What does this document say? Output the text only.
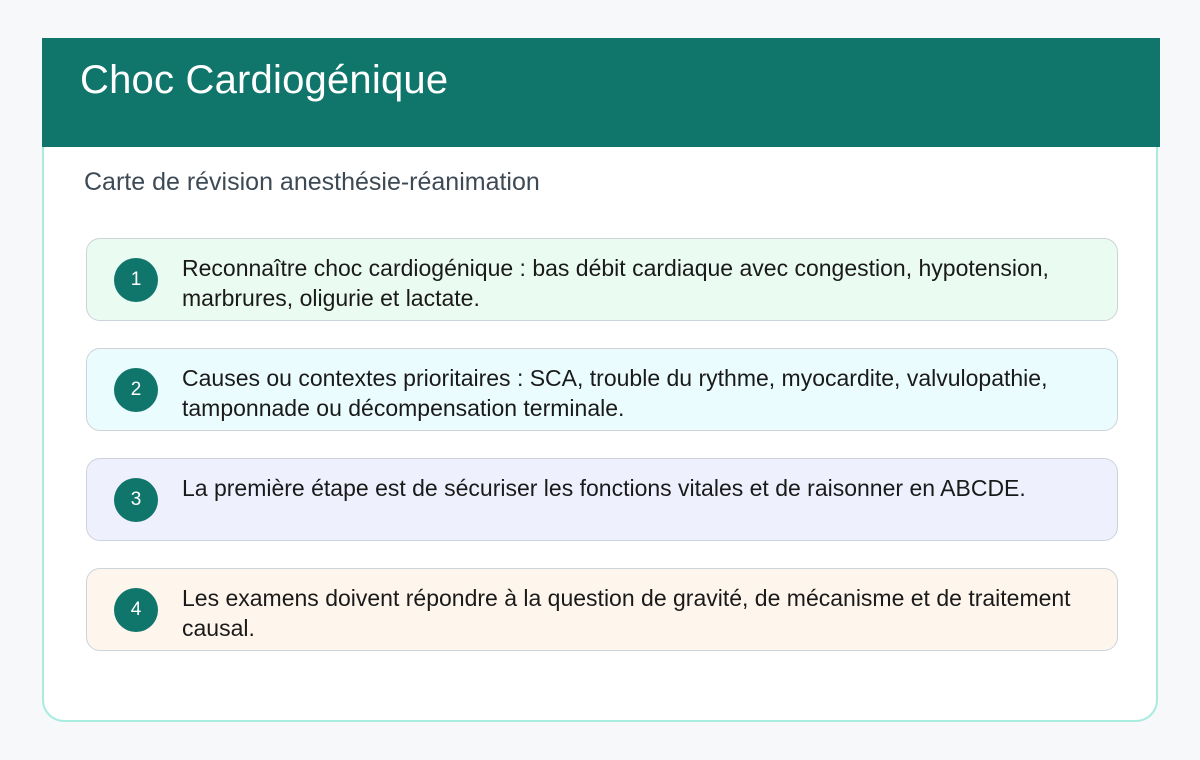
Choc Cardiogénique
Carte de révision anesthésie-réanimation
1	Reconnaître choc cardiogénique : bas débit cardiaque avec congestion, hypotension, marbrures, oligurie et lactate.
2	Causes ou contextes prioritaires : SCA, trouble du rythme, myocardite, valvulopathie, tamponnade ou décompensation terminale.
3	La première étape est de sécuriser les fonctions vitales et de raisonner en ABCDE.
4	Les examens doivent répondre à la question de gravité, de mécanisme et de traitement causal.
